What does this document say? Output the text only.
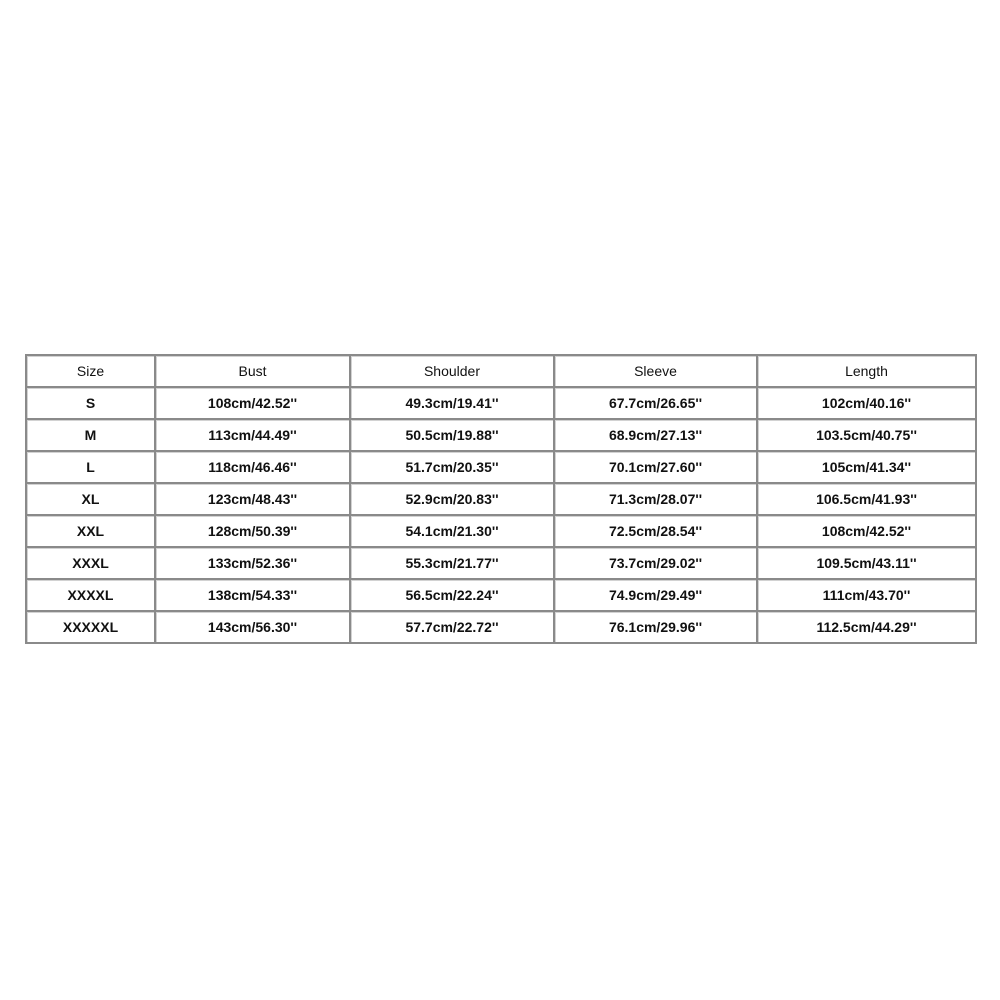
Size	Bust	Shoulder	Sleeve	Length
S	108cm/42.52''	49.3cm/19.41''	67.7cm/26.65''	102cm/40.16''
M	113cm/44.49''	50.5cm/19.88''	68.9cm/27.13''	103.5cm/40.75''
L	118cm/46.46''	51.7cm/20.35''	70.1cm/27.60''	105cm/41.34''
XL	123cm/48.43''	52.9cm/20.83''	71.3cm/28.07''	106.5cm/41.93''
XXL	128cm/50.39''	54.1cm/21.30''	72.5cm/28.54''	108cm/42.52''
XXXL	133cm/52.36''	55.3cm/21.77''	73.7cm/29.02''	109.5cm/43.11''
XXXXL	138cm/54.33''	56.5cm/22.24''	74.9cm/29.49''	111cm/43.70''
XXXXXL	143cm/56.30''	57.7cm/22.72''	76.1cm/29.96''	112.5cm/44.29''
